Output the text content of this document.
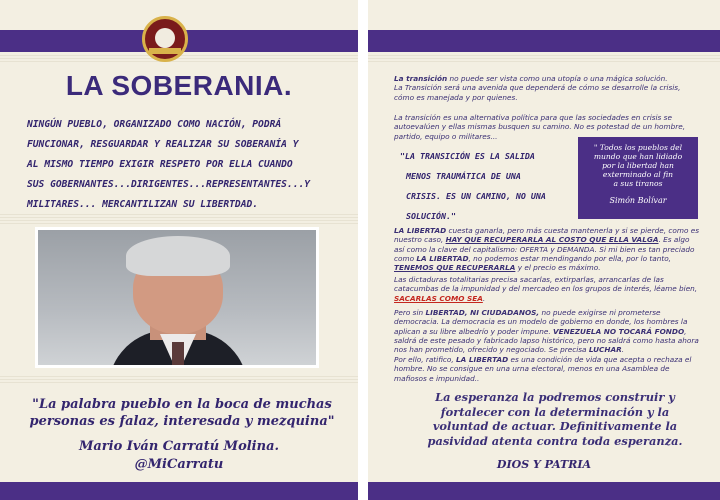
LA SOBERANIA.
NINGÚN PUEBLO, ORGANIZADO COMO NACIÓN, PODRÁ
FUNCIONAR, RESGUARDAR Y REALIZAR SU SOBERANÍA Y
AL MISMO TIEMPO EXIGIR RESPETO POR ELLA CUANDO
SUS GOBERNANTES...DIRIGENTES...REPRESENTANTES...Y
MILITARES... MERCANTILIZAN SU LIBERTDAD.
"La palabra pueblo en la boca de muchas
personas es falaz, interesada y mezquina"
Mario Iván Carratú Molina.
@MiCarratu
La transición no puede ser vista como una utopía o una mágica solución.
La Transición será una avenida que dependerá de cómo se desarrolle la crisis, cómo es manejada y por quienes.
La transición es una alternativa política para que las sociedades en crisis se autoevalúen y ellas mismas busquen su camino. No es potestad de un hombre, partido, equipo o militares...
"LA TRANSICIÓN ES LA SALIDA
MENOS TRAUMÁTICA DE UNA
CRISIS. ES UN CAMINO, NO UNA
SOLUCIÓN."
" Todos los pueblos del
mundo que han lidiado
por la libertad han
exterminado al fin
a sus tiranos
Simón Bolívar
LA LIBERTAD cuesta ganarla, pero más cuesta mantenerla y si se pierde, como es nuestro caso, HAY QUE RECUPERARLA AL COSTO QUE ELLA VALGA. Es algo así como la clave del capitalismo: OFERTA y DEMANDA. Si mi bien es tan preciado como LA LIBERTAD, no podemos estar mendingando por ella, por lo tanto, TENEMOS QUE RECUPERARLA y el precio es máximo.
Las dictaduras totalitarias precisa sacarlas, extirparlas, arrancarlas de las catacumbas de la impunidad y del mercadeo en los grupos de interés, léame bien, SACARLAS COMO SEA.
Pero sin LIBERTAD, NI CIUDADANOS, no puede exigirse ni prometerse democracia. La democracia es un modelo de gobierno en donde, los hombres la aplican a su libre albedrío y poder impune. VENEZUELA NO TOCARÁ FONDO, saldrá de este pesado y fabricado lapso histórico, pero no saldrá como hasta ahora nos han prometido, ofrecido y negociado. Se precisa LUCHAR.
Por ello, ratifico, LA LIBERTAD es una condición de vida que acepta o rechaza el hombre. No se consigue en una urna electoral, menos en una Asamblea de mafiosos e impunidad..
La esperanza la podremos construir y
fortalecer con la determinación y la
voluntad de actuar. Definitivamente la
pasividad atenta contra toda esperanza.
DIOS Y PATRIA
